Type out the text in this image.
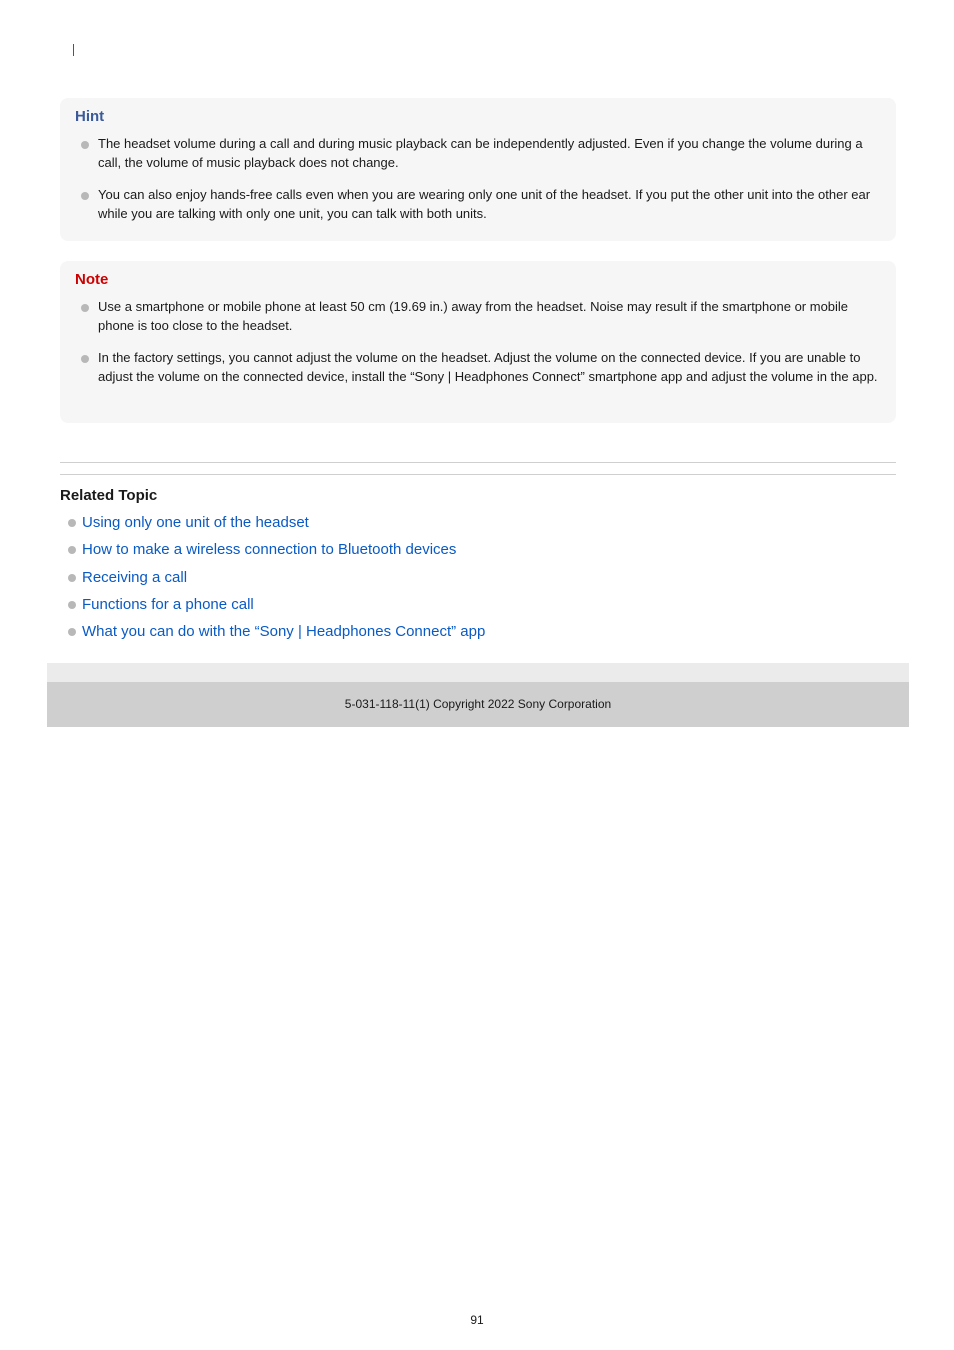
Hint
The headset volume during a call and during music playback can be independently adjusted. Even if you change the volume during a call, the volume of music playback does not change.
You can also enjoy hands-free calls even when you are wearing only one unit of the headset. If you put the other unit into the other ear while you are talking with only one unit, you can talk with both units.
Note
Use a smartphone or mobile phone at least 50 cm (19.69 in.) away from the headset. Noise may result if the smartphone or mobile phone is too close to the headset.
In the factory settings, you cannot adjust the volume on the headset. Adjust the volume on the connected device. If you are unable to adjust the volume on the connected device, install the “Sony | Headphones Connect” smartphone app and adjust the volume in the app.
Related Topic
Using only one unit of the headset
How to make a wireless connection to Bluetooth devices
Receiving a call
Functions for a phone call
What you can do with the “Sony | Headphones Connect” app
5-031-118-11(1) Copyright 2022 Sony Corporation
91
